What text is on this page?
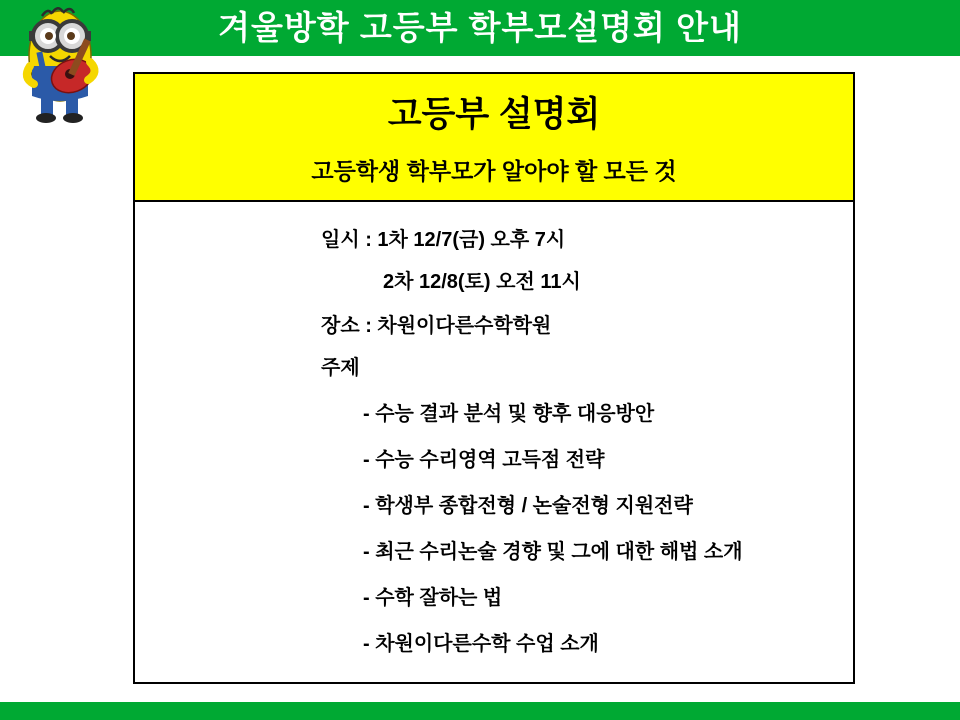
겨울방학 고등부 학부모설명회 안내
고등부 설명회
고등학생 학부모가 알아야 할 모든 것
일시 : 1차 12/7(금) 오후 7시
2차 12/8(토) 오전 11시
장소 : 차원이다른수학학원
주제
- 수능 결과 분석 및 향후 대응방안
- 수능 수리영역 고득점 전략
- 학생부 종합전형 / 논술전형 지원전략
- 최근 수리논술 경향 및 그에 대한 해법 소개
- 수학 잘하는 법
- 차원이다른수학 수업 소개
